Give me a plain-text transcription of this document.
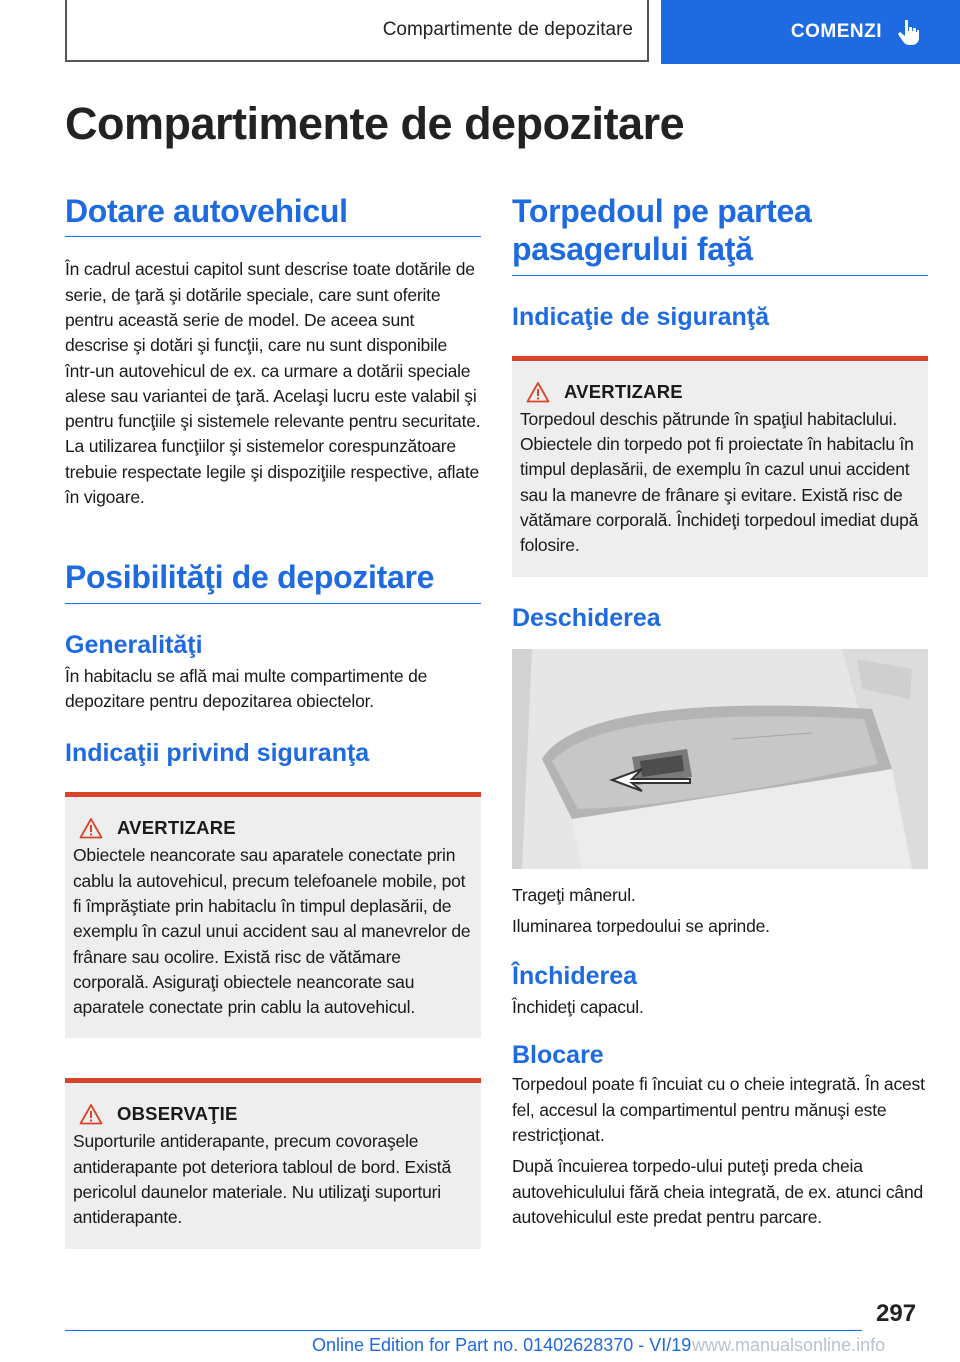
Compartimente de depozitare	COMENZI
Compartimente de depozitare
Dotare autovehicul

În cadrul acestui capitol sunt descrise toate dotările de serie, de ţară şi dotările speciale, care sunt oferite pentru această serie de model. De aceea sunt descrise şi dotări şi funcţii, care nu sunt disponibile într-un autovehicul de ex. ca urmare a dotării speciale alese sau variantei de ţară. Acelaşi lucru este valabil şi pentru funcţiile şi sistemele relevante pentru securitate. La utilizarea funcţiilor şi sistemelor corespunzătoare trebuie respectate legile şi dispoziţiile respective, aflate în vigoare.

Posibilităţi de depozitare
Generalităţi

În habitaclu se află mai multe compartimente de depozitare pentru depozitarea obiectelor.

Indicaţii privind siguranţa
AVERTIZARE

Obiectele neancorate sau aparatele conectate prin cablu la autovehicul, precum telefoanele mobile, pot fi împrăştiate prin habitaclu în timpul deplasării, de exemplu în cazul unui accident sau al manevrelor de frânare sau ocolire. Există risc de vătămare corporală. Asiguraţi obiectele neancorate sau aparatele conectate prin cablu la autovehicul.

OBSERVAŢIE

Suporturile antiderapante, precum covoraşele antiderapante pot deteriora tabloul de bord. Există pericolul daunelor materiale. Nu utilizaţi suporturi antiderapante.

Torpedoul pe partea pasagerului faţă
Indicaţie de siguranţă
AVERTIZARE

Torpedoul deschis pătrunde în spaţiul habitaclului. Obiectele din torpedo pot fi proiectate în habitaclu în timpul deplasării, de exemplu în cazul unui accident sau la manevre de frânare şi evitare. Există risc de vătămare corporală. Închideţi torpedoul imediat după folosire.

Deschiderea

Trageţi mânerul.

Iluminarea torpedoului se aprinde.

Închiderea

Închideţi capacul.

Blocare

Torpedoul poate fi încuiat cu o cheie integrată. În acest fel, accesul la compartimentul pentru mănuşi este restricţionat.

După încuierea torpedo-ului puteţi preda cheia autovehiculului fără cheia integrată, de ex. atunci când autovehiculul este predat pentru parcare.

297
Online Edition for Part no. 01402628370 - VI/19 www.manualsonline.info
